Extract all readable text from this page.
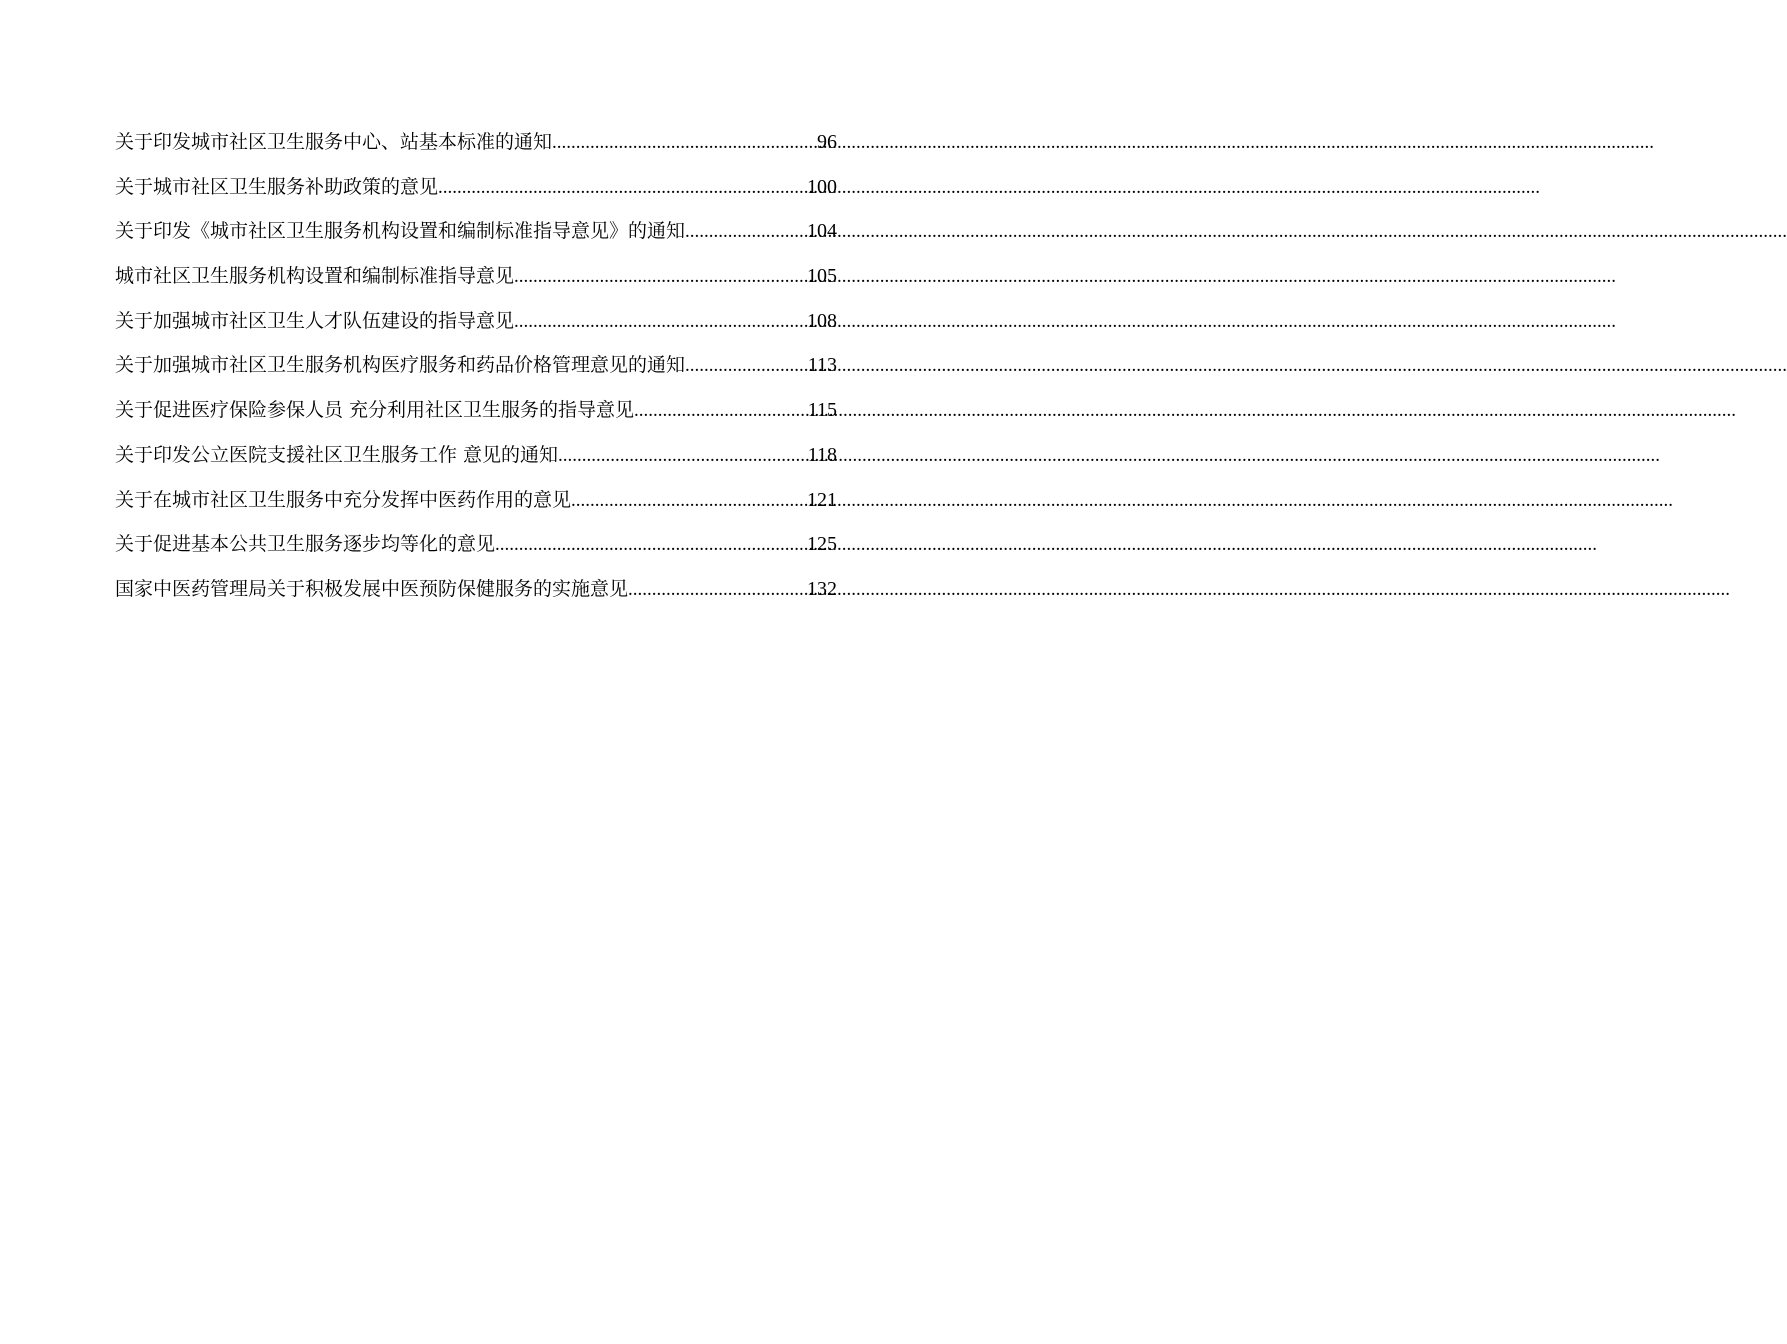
关于印发城市社区卫生服务中心、站基本标准的通知 .....	96
关于城市社区卫生服务补助政策的意见 .....	100
关于印发《城市社区卫生服务机构设置和编制标准指导意见》的通知 .....	104
城市社区卫生服务机构设置和编制标准指导意见 .....	105
关于加强城市社区卫生人才队伍建设的指导意见 .....	108
关于加强城市社区卫生服务机构医疗服务和药品价格管理意见的通知 .....	113
关于促进医疗保险参保人员 充分利用社区卫生服务的指导意见 .....	115
关于印发公立医院支援社区卫生服务工作 意见的通知 .....	118
关于在城市社区卫生服务中充分发挥中医药作用的意见 .....	121
关于促进基本公共卫生服务逐步均等化的意见 .....	125
国家中医药管理局关于积极发展中医预防保健服务的实施意见 .....	132
